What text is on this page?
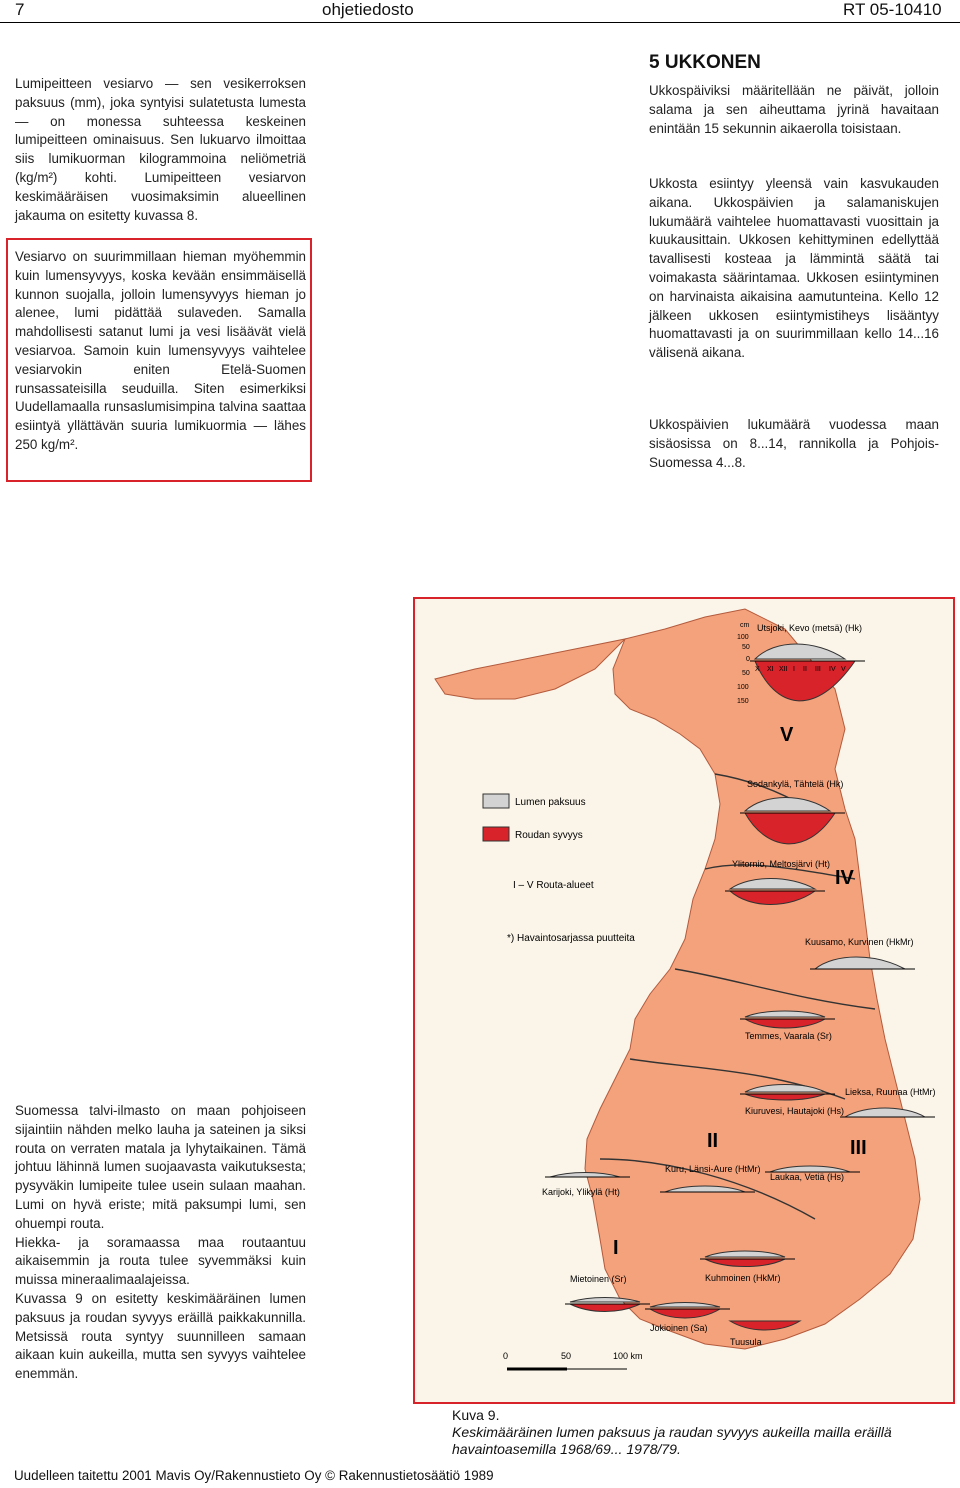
7	ohjetiedosto	RT 05-10410

Lumipeitteen vesiarvo — sen vesikerroksen paksuus (mm), joka syntyisi sulatetusta lumesta — on monessa suhteessa keskeinen lumipeitteen ominaisuus. Sen lukuarvo ilmoittaa siis lumikuorman kilogrammoina neliömetriä (kg/m²) kohti. Lumipeitteen vesiarvon keskimääräisen vuosimaksimin alueellinen jakauma on esitetty kuvassa 8.

Vesiarvo on suurimmillaan hieman myöhemmin kuin lumensyvyys, koska kevään ensimmäisellä kunnon suojalla, jolloin lumensyvyys hieman jo alenee, lumi pidättää sulaveden. Samalla mahdollisesti satanut lumi ja vesi lisäävät vielä vesiarvoa. Samoin kuin lumensyvyys vaihtelee vesiarvokin eniten Etelä-Suomen runsassateisilla seuduilla. Siten esimerkiksi Uudellamaalla runsaslumisimpina talvina saattaa esiintyä yllättävän suuria lumikuormia — lähes 250 kg/m².

Suomessa talvi-ilmasto on maan pohjoiseen sijaintiin nähden melko lauha ja sateinen ja siksi routa on verraten matala ja lyhytaikainen. Tämä johtuu lähinnä lumen suojaavasta vaikutuksesta; pysyväkin lumipeite tulee usein sulaan maahan. Lumi on hyvä eriste; mitä paksumpi lumi, sen ohuempi routa.

Hiekka- ja soramaassa maa routaantuu aikaisemmin ja routa tulee syvemmäksi kuin muissa mineraalimaalajeissa.

Kuvassa 9 on esitetty keskimääräinen lumen paksuus ja roudan syvyys eräillä paikkakunnilla. Metsissä routa syntyy suunnilleen samaan aikaan kuin aukeilla, mutta sen syvyys vaihtelee enemmän.

5 UKKONEN

Ukkospäiviksi määritellään ne päivät, jolloin salama ja sen aiheuttama jyrinä havaitaan enintään 15 sekunnin aikaerolla toisistaan.

Ukkosta esiintyy yleensä vain kasvukauden aikana. Ukkospäivien ja salamaniskujen lukumäärä vaihtelee huomattavasti vuosittain ja kuukausittain. Ukkosen kehittyminen edellyttää tavallisesti kosteaa ja lämmintä säätä tai voimakasta säärintamaa. Ukkosen esiintyminen on harvinaista aikaisina aamutunteina. Kello 12 jälkeen ukkosen esiintymistiheys lisääntyy huomattavasti ja on suurimmillaan kello 14...16 välisenä aikana.

Ukkospäivien lukumäärä vuodessa maan sisäosissa on 8...14, rannikolla ja Pohjois-Suomessa 4...8.

V
IV
III
II
I
Utsjoki, Kevo (metsä) (Hk)
Sodankylä, Tähtelä (Hk)
Ylitornio, Meltosjärvi (Ht)
Kuusamo, Kurvinen (HkMr)
Temmes, Vaarala (Sr)
Lieksa, Ruunaa (HtMr)
Kiuruvesi, Hautajoki (Hs)
Kuru, Länsi-Aure (HtMr)
Laukaa, Vetiä (Hs)
Karijoki, Ylikylä (Ht)
Kuhmoinen (HkMr)
Mietoinen (Sr)
Jokioinen (Sa)
Tuusula
cm
100
50
0
50
100
150
X XI XII I II III IV V
Lumen paksuus
Roudan syvyys
I – V Routa-alueet
*) Havaintosarjassa puutteita
0	50	100 km
Kuva 9.
Keskimääräinen lumen paksuus ja raudan syvyys aukeilla mailla eräillä havaintoasemilla 1968/69... 1978/79.
Uudelleen taitettu 2001 Mavis Oy/Rakennustieto Oy © Rakennustietosäätiö 1989
